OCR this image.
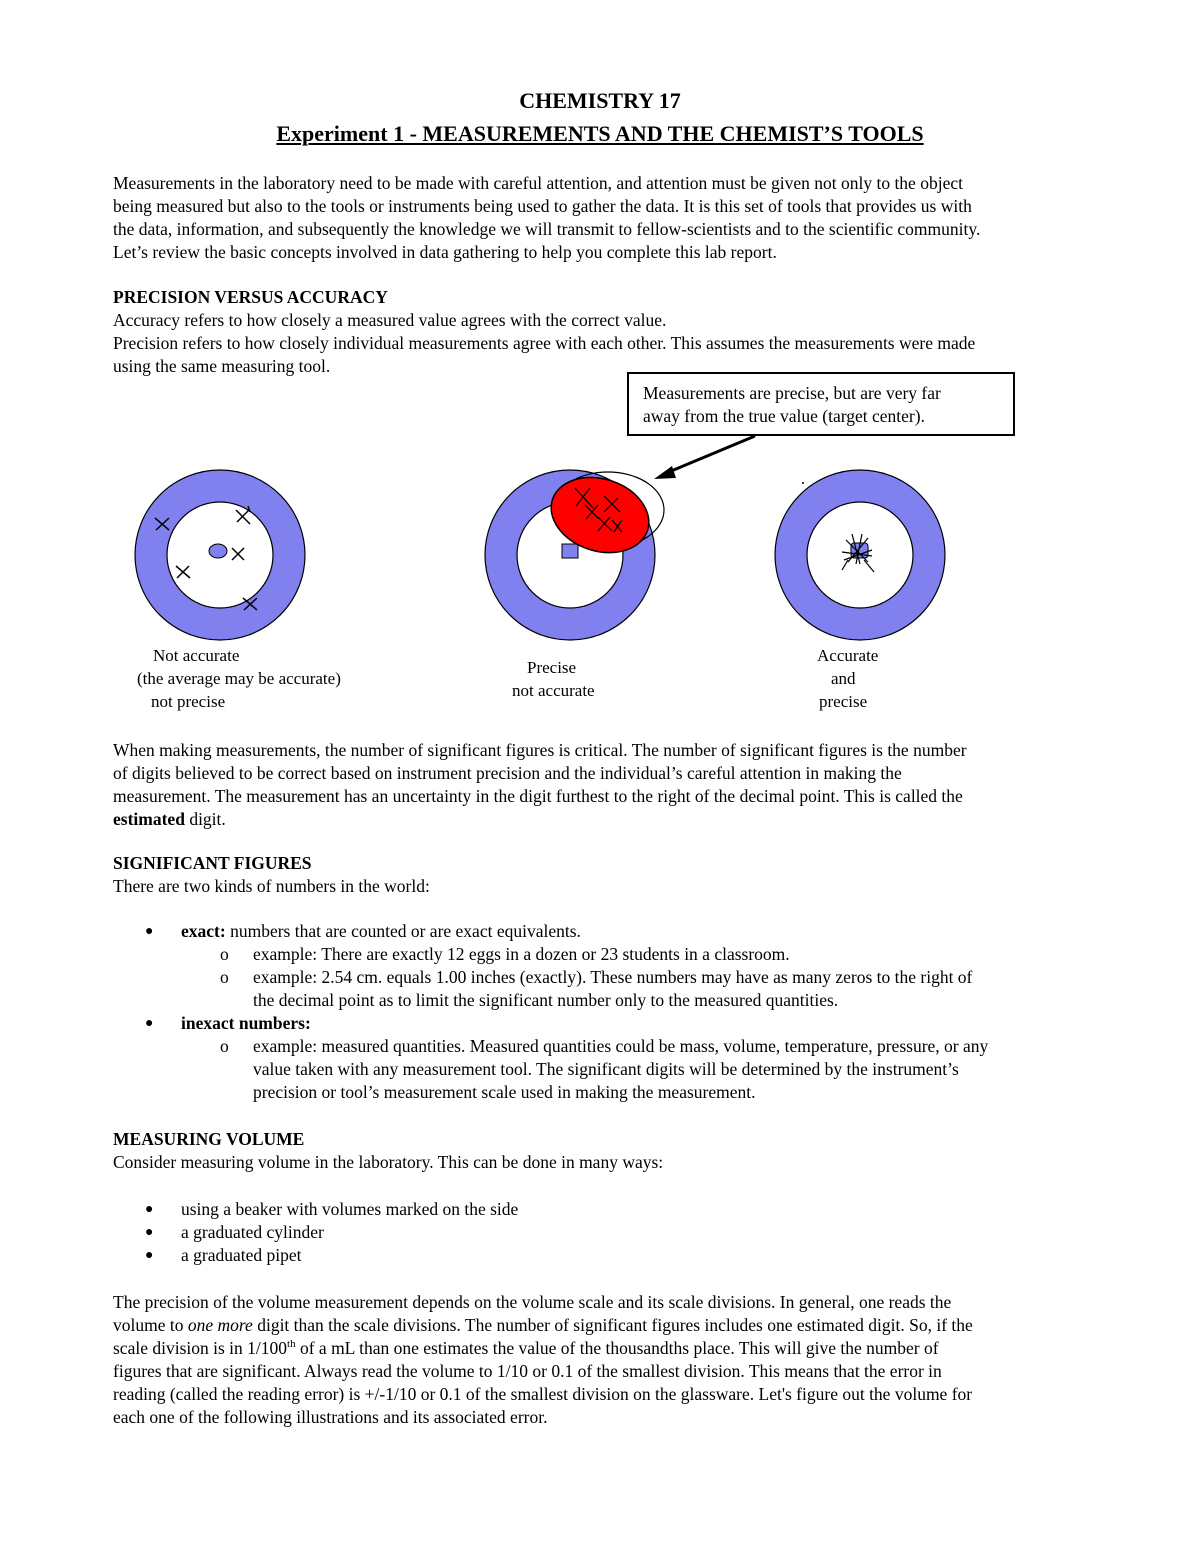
CHEMISTRY 17
Experiment 1 - MEASUREMENTS AND THE CHEMIST’S TOOLS
Measurements in the laboratory need to be made with careful attention, and attention must be given not only to the object
being measured but also to the tools or instruments being used to gather the data. It is this set of tools that provides us with
the data, information, and subsequently the knowledge we will transmit to fellow-scientists and to the scientific community.
Let’s review the basic concepts involved in data gathering to help you complete this lab report.
PRECISION VERSUS ACCURACY
Accuracy refers to how closely a measured value agrees with the correct value.
Precision refers to how closely individual measurements agree with each other. This assumes the measurements were made
using the same measuring tool.
Measurements are precise, but are very far
away from the true value (target center).
Not accurate
(the average may be accurate)
not precise
Precise
not accurate
Accurate
and
precise
When making measurements, the number of significant figures is critical. The number of significant figures is the number
of digits believed to be correct based on instrument precision and the individual’s careful attention in making the
measurement. The measurement has an uncertainty in the digit furthest to the right of the decimal point. This is called the
estimated digit.
SIGNIFICANT FIGURES
There are two kinds of numbers in the world:
● exact: numbers that are counted or are exact equivalents.
o example: There are exactly 12 eggs in a dozen or 23 students in a classroom.
o example: 2.54 cm. equals 1.00 inches (exactly). These numbers may have as many zeros to the right of
the decimal point as to limit the significant number only to the measured quantities.
● inexact numbers:
o example: measured quantities. Measured quantities could be mass, volume, temperature, pressure, or any
value taken with any measurement tool. The significant digits will be determined by the instrument’s
precision or tool’s measurement scale used in making the measurement.
MEASURING VOLUME
Consider measuring volume in the laboratory. This can be done in many ways:
● using a beaker with volumes marked on the side
● a graduated cylinder
● a graduated pipet
The precision of the volume measurement depends on the volume scale and its scale divisions. In general, one reads the
volume to one more digit than the scale divisions. The number of significant figures includes one estimated digit. So, if the
scale division is in 1/100th of a mL than one estimates the value of the thousandths place. This will give the number of
figures that are significant. Always read the volume to 1/10 or 0.1 of the smallest division. This means that the error in
reading (called the reading error) is +/-1/10 or 0.1 of the smallest division on the glassware. Let's figure out the volume for
each one of the following illustrations and its associated error.
